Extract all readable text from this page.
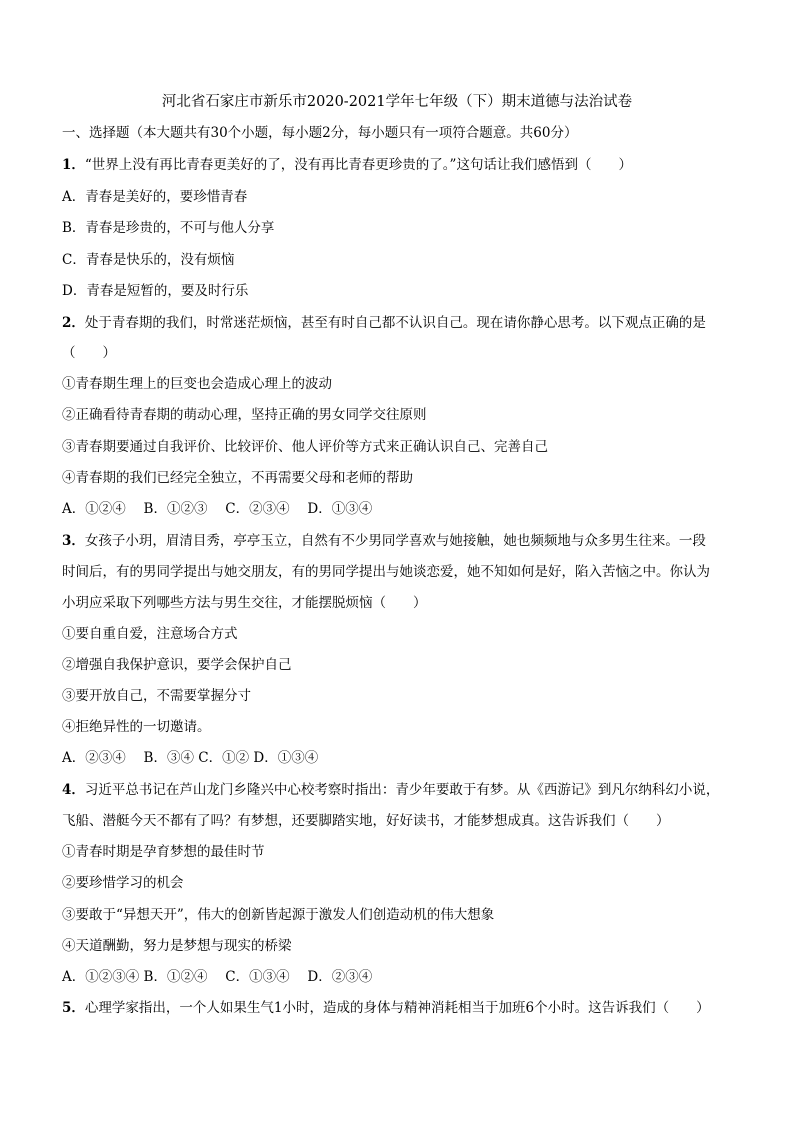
河北省石家庄市新乐市2020-2021学年七年级（下）期末道德与法治试卷
一、选择题（本大题共有30个小题，每小题2分，每小题只有一项符合题意。共60分）
1．“世界上没有再比青春更美好的了，没有再比青春更珍贵的了。”这句话让我们感悟到（　　）
A．青春是美好的，要珍惜青春
B．青春是珍贵的，不可与他人分享
C．青春是快乐的，没有烦恼
D．青春是短暂的，要及时行乐
2．处于青春期的我们，时常迷茫烦恼，甚至有时自己都不认识自己。现在请你静心思考。以下观点正确的是
（　　）
①青春期生理上的巨变也会造成心理上的波动
②正确看待青春期的萌动心理，坚持正确的男女同学交往原则
③青春期要通过自我评价、比较评价、他人评价等方式来正确认识自己、完善自己
④青春期的我们已经完全独立，不再需要父母和老师的帮助
A．①②④　 B．①②③　 C．②③④　 D．①③④
3．女孩子小玥，眉清目秀，亭亭玉立，自然有不少男同学喜欢与她接触，她也频频地与众多男生往来。一段
时间后，有的男同学提出与她交朋友，有的男同学提出与她谈恋爱，她不知如何是好，陷入苦恼之中。你认为
小玥应采取下列哪些方法与男生交往，才能摆脱烦恼（　　）
①要自重自爱，注意场合方式
②增强自我保护意识，要学会保护自己
③要开放自己，不需要掌握分寸
④拒绝异性的一切邀请。
A．②③④　 B．③④ C．①② D．①③④
4．习近平总书记在芦山龙门乡隆兴中心校考察时指出：青少年要敢于有梦。从《西游记》到凡尔纳科幻小说，
飞船、潜艇今天不都有了吗？有梦想，还要脚踏实地，好好读书，才能梦想成真。这告诉我们（　　）
①青春时期是孕育梦想的最佳时节
②要珍惜学习的机会
③要敢于“异想天开”，伟大的创新皆起源于激发人们创造动机的伟大想象
④天道酬勤，努力是梦想与现实的桥梁
A．①②③④ B．①②④　 C．①③④　 D．②③④
5．心理学家指出，一个人如果生气1小时，造成的身体与精神消耗相当于加班6个小时。这告诉我们（　　）
